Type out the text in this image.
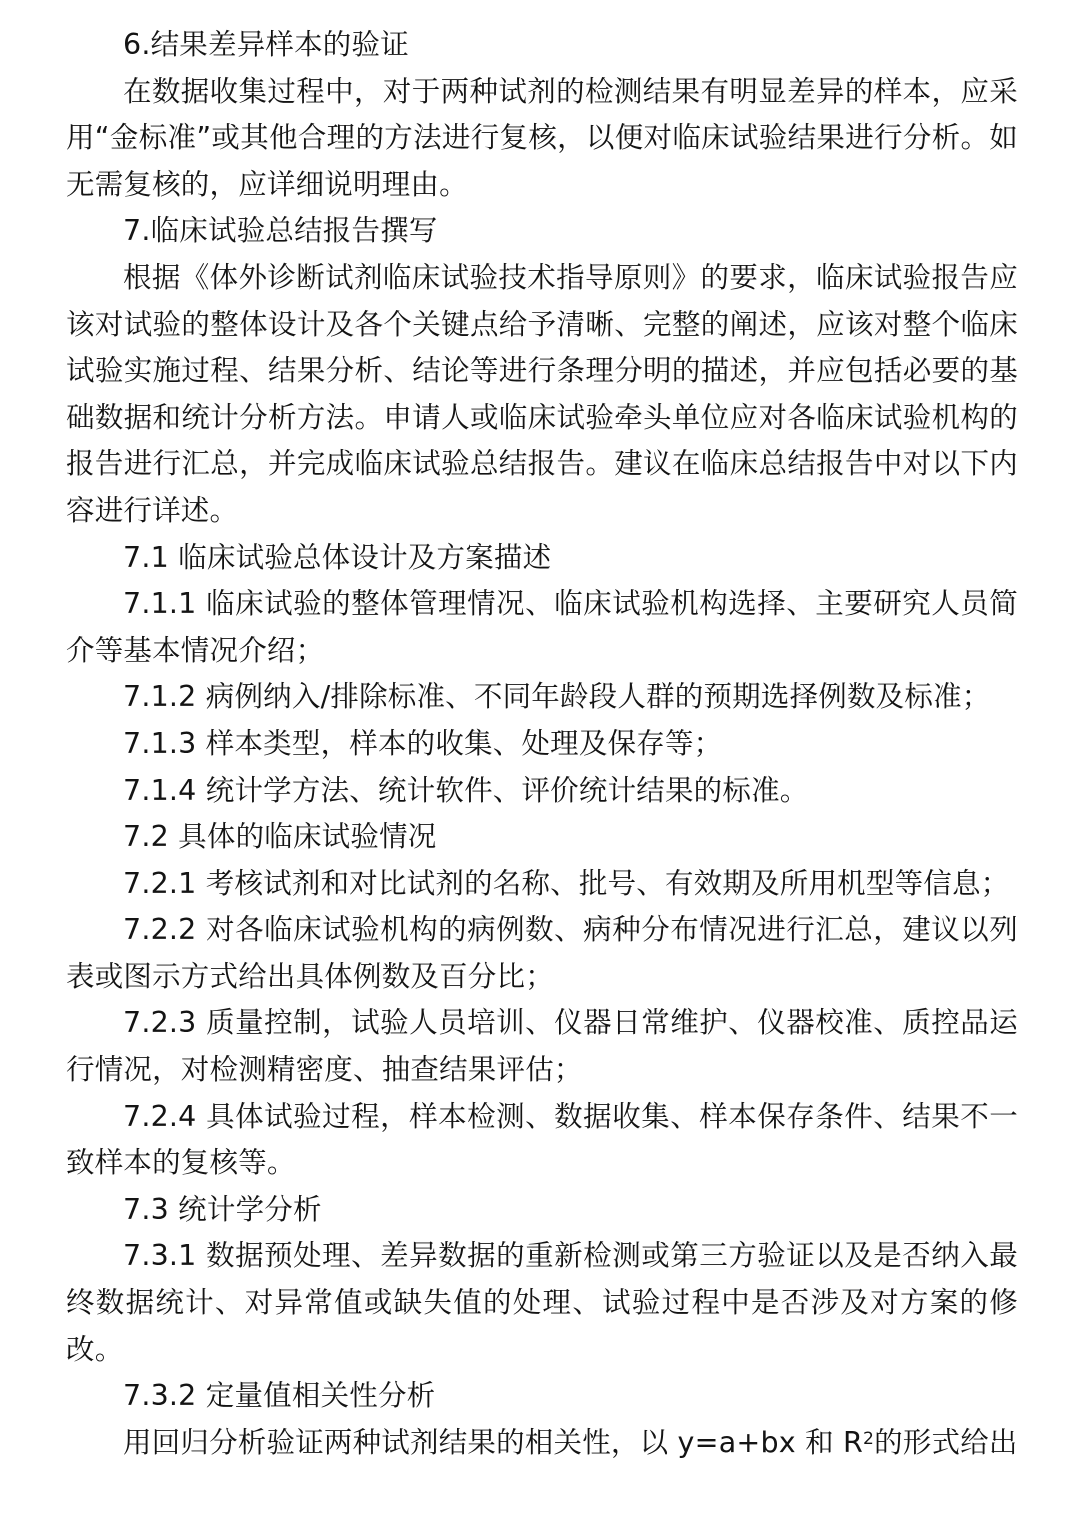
6.结果差异样本的验证
在数据收集过程中，对于两种试剂的检测结果有明显差异的样本，应采用“金标准”或其他合理的方法进行复核，以便对临床试验结果进行分析。如无需复核的，应详细说明理由。
7.临床试验总结报告撰写
根据《体外诊断试剂临床试验技术指导原则》的要求，临床试验报告应该对试验的整体设计及各个关键点给予清晰、完整的阐述，应该对整个临床试验实施过程、结果分析、结论等进行条理分明的描述，并应包括必要的基础数据和统计分析方法。申请人或临床试验牵头单位应对各临床试验机构的报告进行汇总，并完成临床试验总结报告。建议在临床总结报告中对以下内容进行详述。
7.1 临床试验总体设计及方案描述
7.1.1 临床试验的整体管理情况、临床试验机构选择、主要研究人员简介等基本情况介绍；
7.1.2 病例纳入/排除标准、不同年龄段人群的预期选择例数及标准；
7.1.3 样本类型，样本的收集、处理及保存等；
7.1.4 统计学方法、统计软件、评价统计结果的标准。
7.2 具体的临床试验情况
7.2.1 考核试剂和对比试剂的名称、批号、有效期及所用机型等信息；
7.2.2 对各临床试验机构的病例数、病种分布情况进行汇总，建议以列表或图示方式给出具体例数及百分比；
7.2.3 质量控制，试验人员培训、仪器日常维护、仪器校准、质控品运行情况，对检测精密度、抽查结果评估；
7.2.4 具体试验过程，样本检测、数据收集、样本保存条件、结果不一致样本的复核等。
7.3 统计学分析
7.3.1 数据预处理、差异数据的重新检测或第三方验证以及是否纳入最终数据统计、对异常值或缺失值的处理、试验过程中是否涉及对方案的修改。
7.3.2 定量值相关性分析
用回归分析验证两种试剂结果的相关性，以 y=a+bx 和 $R^2$的形式给出
